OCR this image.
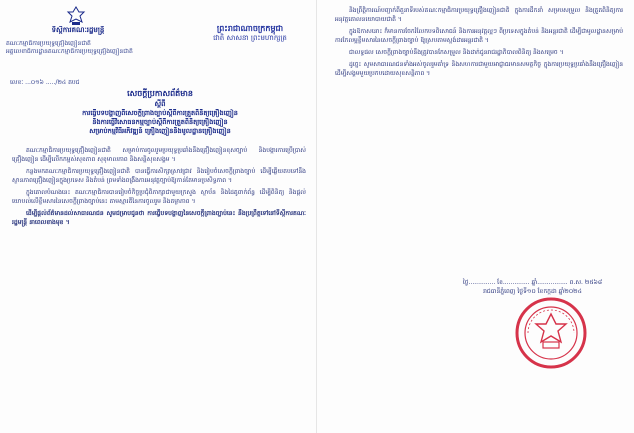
ព្រះរាជាណាចក្រកម្ពុជា
ជាតិ សាសនា ព្រះមហាក្សត្រ
ទីស្តីការគណៈរដ្ឋមន្ត្រី
គណៈកម្មាធិការប្រយុទ្ធគ្រឿងញៀនជាតិ
អគ្គលេខាធិការដ្ឋានគណៈកម្មាធិការប្រយុទ្ធគ្រឿងញៀនជាតិ
លេខៈ ...០១៦ ...../២៤ គបជ
សេចក្តីប្រកាសព័ត៌មាន
ស្តីពី
ការធ្វើបទបង្ហាញពីសេចក្តីព្រាងច្បាប់ស្តីពីការត្រួតពិនិត្យគ្រឿងញៀន
និងការធ្វើវិសោធនកម្មច្បាប់ស្តីពីការត្រួតពិនិត្យគ្រឿងញៀន
សម្រាប់កម្មវិធីអភិវឌ្ឍន៍ គ្រឿងញៀននិងមូលដ្ឋានគ្រឿងញៀន

គណៈកម្មាធិការប្រយុទ្ធគ្រឿងញៀនជាតិ សម្រាប់ការចូលរួមប្រយុទ្ធប្រឆាំងនឹងគ្រឿងញៀនខុសច្បាប់ និងបង្ការការប្រើប្រាស់គ្រឿងញៀន ដើម្បីលើកកម្ពស់សុខភាព សុខុមាលភាព និងសន្តិសុខសង្គម ។

កន្លងមកគណៈកម្មាធិការប្រយុទ្ធគ្រឿងញៀនជាតិ បានធ្វើការសិក្សាស្រាវជ្រាវ និងរៀបចំសេចក្តីព្រាងច្បាប់ ដើម្បីឆ្លើយតបទៅនឹងស្ថានភាពគ្រឿងញៀនក្នុងប្រទេស និងតំបន់ ព្រមទាំងពង្រឹងការអនុវត្តច្បាប់ឱ្យកាន់តែមានប្រសិទ្ធភាព ។

ក្នុងគោលបំណងនេះ គណៈកម្មាធិការបានរៀបចំកិច្ចប្រជុំពិភាក្សាជាមួយក្រសួង ស្ថាប័ន និងដៃគូពាក់ព័ន្ធ ដើម្បីពិនិត្យ និងផ្តល់យោបល់លើខ្លឹមសារនៃសេចក្តីព្រាងច្បាប់នេះ តាមស្មារតីនៃការចូលរួម និងតម្លាភាព ។

ដើម្បីផ្តល់ព័ត៌មានដល់សាធារណជន សូមជម្រាបជូនថា ការធ្វើបទបង្ហាញនៃសេចក្តីព្រាងច្បាប់នេះ នឹងប្រព្រឹត្តទៅនៅទីស្តីការគណៈរដ្ឋមន្ត្រី នាពេលខាងមុខ ។

និងព្រឹត្តិការណ៍បញ្ជាក់ពីតួនាទីរបស់គណៈកម្មាធិការប្រយុទ្ធគ្រឿងញៀនជាតិ ក្នុងការដឹកនាំ សម្របសម្រួល និងត្រួតពិនិត្យការអនុវត្តគោលនយោបាយជាតិ ។

ក្នុងឱកាសនោះ ក៏មានការចែករំលែកបទពិសោធន៍ និងការអនុវត្តល្អៗ ពីប្រទេសក្នុងតំបន់ និងអន្តរជាតិ ដើម្បីជាមូលដ្ឋានសម្រាប់ការកែលម្អខ្លឹមសារនៃសេចក្តីព្រាងច្បាប់ ឱ្យស្របតាមស្តង់ដារអន្តរជាតិ ។

ជាលទ្ធផល សេចក្តីព្រាងច្បាប់នឹងត្រូវបានកែសម្រួល និងដាក់ជូនរាជរដ្ឋាភិបាលពិនិត្យ និងសម្រេច ។

ដូច្នេះ សូមសាធារណជនទាំងអស់ចូលរួមគាំទ្រ និងសហការជាមួយអាជ្ញាធរមានសមត្ថកិច្ច ក្នុងការប្រយុទ្ធប្រឆាំងនឹងគ្រឿងញៀន ដើម្បីសង្គមមួយប្រកបដោយសុខសន្តិភាព ។

ថ្ងៃ.............. ខែ.............. ឆ្នាំ................ ព.ស. ២៥៦៨
រាជធានីភ្នំពេញ ថ្ងៃទី១០ ខែកក្កដា ឆ្នាំ២០២៤
